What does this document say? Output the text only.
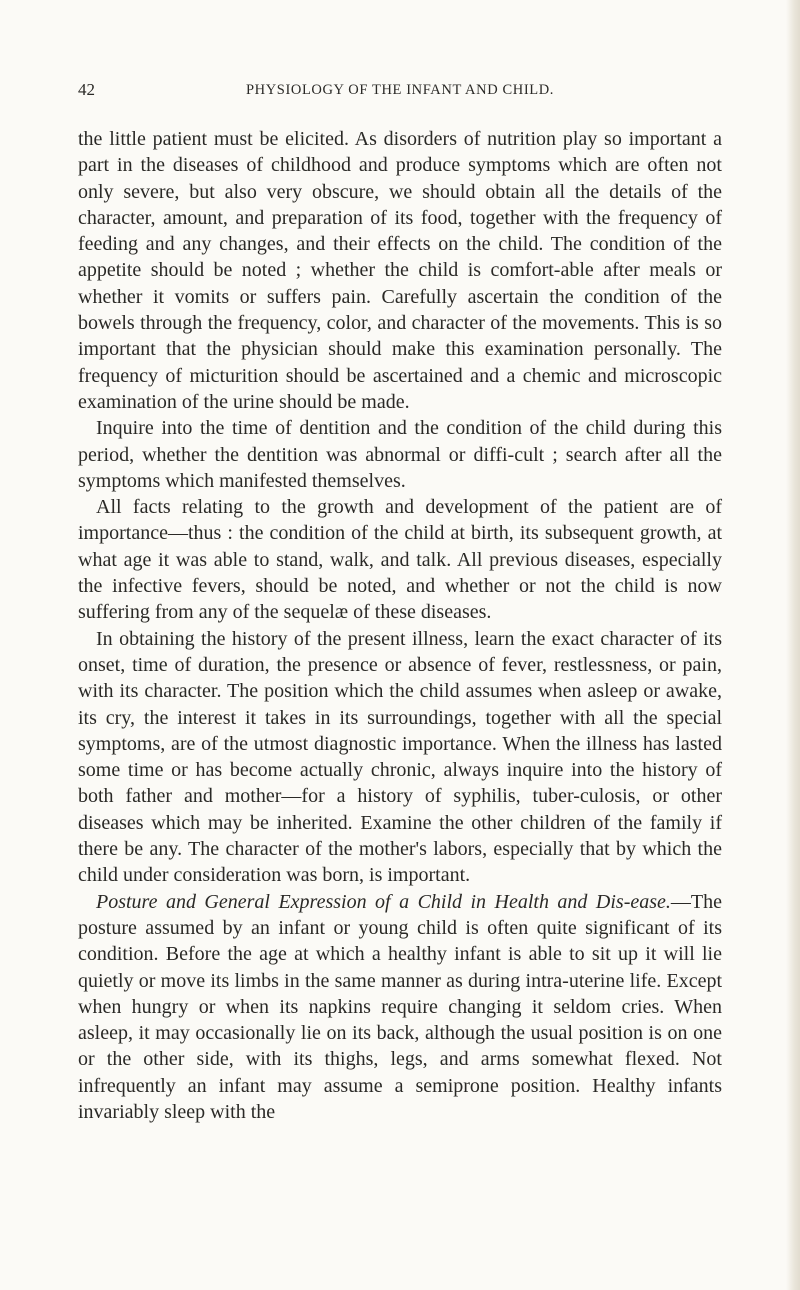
42	PHYSIOLOGY OF THE INFANT AND CHILD.

the little patient must be elicited. As disorders of nutrition play so important a part in the diseases of childhood and produce symptoms which are often not only severe, but also very obscure, we should obtain all the details of the character, amount, and preparation of its food, together with the frequency of feeding and any changes, and their effects on the child. The condition of the appetite should be noted ; whether the child is comfort-able after meals or whether it vomits or suffers pain. Carefully ascertain the condition of the bowels through the frequency, color, and character of the movements. This is so important that the physician should make this examination personally. The frequency of micturition should be ascertained and a chemic and microscopic examination of the urine should be made.

Inquire into the time of dentition and the condition of the child during this period, whether the dentition was abnormal or diffi-cult ; search after all the symptoms which manifested themselves.

All facts relating to the growth and development of the patient are of importance—thus : the condition of the child at birth, its subsequent growth, at what age it was able to stand, walk, and talk. All previous diseases, especially the infective fevers, should be noted, and whether or not the child is now suffering from any of the sequelæ of these diseases.

In obtaining the history of the present illness, learn the exact character of its onset, time of duration, the presence or absence of fever, restlessness, or pain, with its character. The position which the child assumes when asleep or awake, its cry, the interest it takes in its surroundings, together with all the special symptoms, are of the utmost diagnostic importance. When the illness has lasted some time or has become actually chronic, always inquire into the history of both father and mother—for a history of syphilis, tuber-culosis, or other diseases which may be inherited. Examine the other children of the family if there be any. The character of the mother's labors, especially that by which the child under consideration was born, is important.

Posture and General Expression of a Child in Health and Dis-ease.—The posture assumed by an infant or young child is often quite significant of its condition. Before the age at which a healthy infant is able to sit up it will lie quietly or move its limbs in the same manner as during intra-uterine life. Except when hungry or when its napkins require changing it seldom cries. When asleep, it may occasionally lie on its back, although the usual position is on one or the other side, with its thighs, legs, and arms somewhat flexed. Not infrequently an infant may assume a semiprone position. Healthy infants invariably sleep with the
